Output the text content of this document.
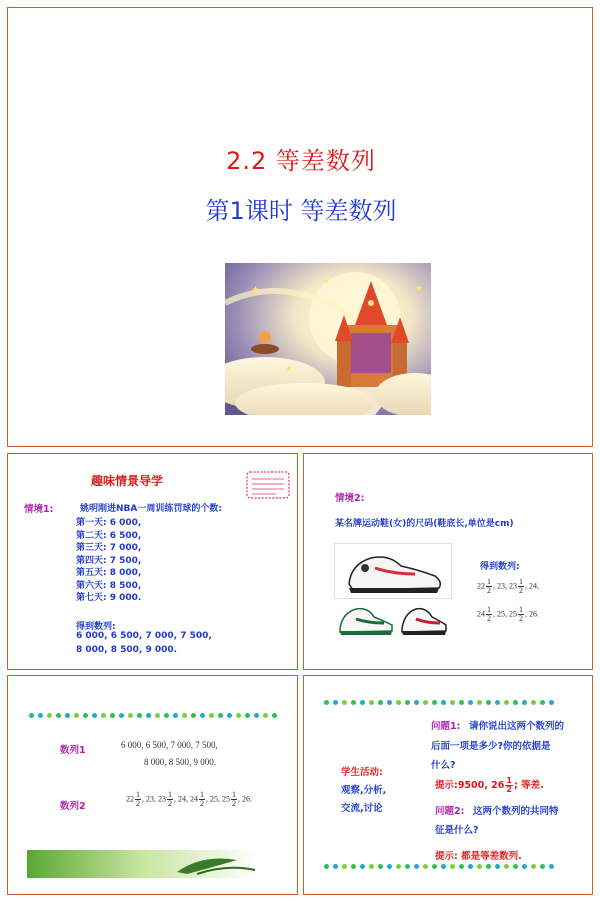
2.2 等差数列
第1课时 等差数列
★	★
★
★
趣味情景导学
情境1:	姚明刚进NBA一周训练罚球的个数:
第一天: 6 000,
第二天: 6 500,
第三天: 7 000,
第四天: 7 500,
第五天: 8 000,
第六天: 8 500,
第七天: 9 000.
得到数列:
6 000, 6 500, 7 000, 7 500,
8 000, 8 500, 9 000.
情境2:
某名牌运动鞋(女)的尺码(鞋底长,单位是cm)
得到数列:
$22 \frac{1}{2}$ , 23, $23 \frac{1}{2}$ , 24,
$24 \frac{1}{2}$ , 25, $25 \frac{1}{2}$ , 26.
数列1	6 000, 6 500, 7 000, 7 500,
8 000, 8 500, 9 000.
数列2
$22 \frac{1}{2}$ , 23, $23 \frac{1}{2}$ , 24, $24 \frac{1}{2}$ , 25, $25 \frac{1}{2}$ , 26.
问题1: 请你说出这两个数列的
后面一项是多少?你的依据是
什么?
学生活动:
观察,分析,
交流,讨论
提示:9500, $26 \frac{1}{2}$ ; 等差.
问题2: 这两个数列的共同特
征是什么?
提示: 都是等差数列.
